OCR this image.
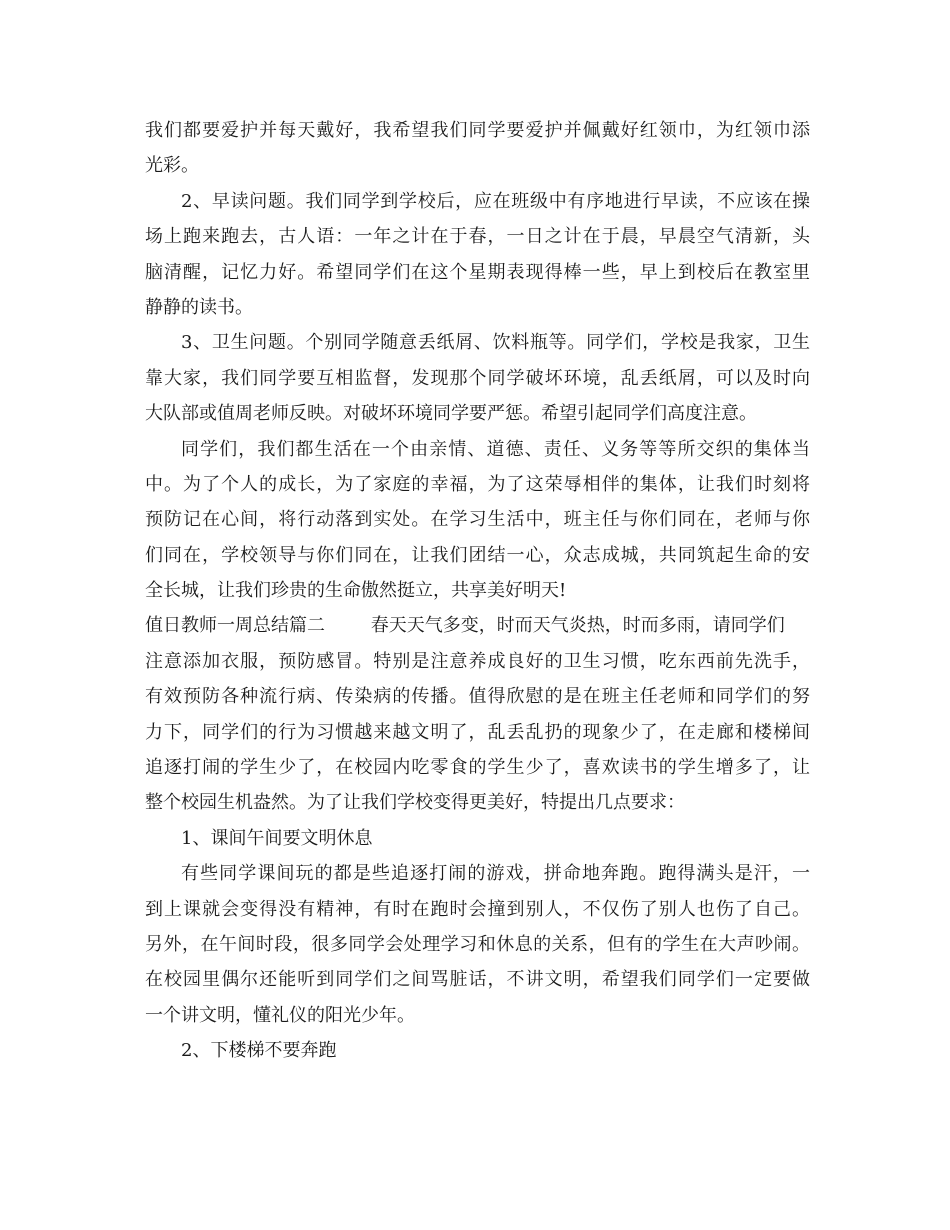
我们都要爱护并每天戴好，我希望我们同学要爱护并佩戴好红领巾，为红领巾添
光彩。
2、早读问题。我们同学到学校后，应在班级中有序地进行早读，不应该在操
场上跑来跑去，古人语：一年之计在于春，一日之计在于晨，早晨空气清新，头
脑清醒，记忆力好。希望同学们在这个星期表现得棒一些，早上到校后在教室里
静静的读书。
3、卫生问题。个别同学随意丢纸屑、饮料瓶等。同学们，学校是我家，卫生
靠大家，我们同学要互相监督，发现那个同学破坏环境，乱丢纸屑，可以及时向
大队部或值周老师反映。对破坏环境同学要严惩。希望引起同学们高度注意。
同学们，我们都生活在一个由亲情、道德、责任、义务等等所交织的集体当
中。为了个人的成长，为了家庭的幸福，为了这荣辱相伴的集体，让我们时刻将
预防记在心间，将行动落到实处。在学习生活中，班主任与你们同在，老师与你
们同在，学校领导与你们同在，让我们团结一心，众志成城，共同筑起生命的安
全长城，让我们珍贵的生命傲然挺立，共享美好明天!
值日教师一周总结篇二        春天天气多变，时而天气炎热，时而多雨，请同学们
注意添加衣服，预防感冒。特别是注意养成良好的卫生习惯，吃东西前先洗手，
有效预防各种流行病、传染病的传播。值得欣慰的是在班主任老师和同学们的努
力下，同学们的行为习惯越来越文明了，乱丢乱扔的现象少了，在走廊和楼梯间
追逐打闹的学生少了，在校园内吃零食的学生少了，喜欢读书的学生增多了，让
整个校园生机盎然。为了让我们学校变得更美好，特提出几点要求：
1、课间午间要文明休息
有些同学课间玩的都是些追逐打闹的游戏，拼命地奔跑。跑得满头是汗，一
到上课就会变得没有精神，有时在跑时会撞到别人，不仅伤了别人也伤了自己。
另外，在午间时段，很多同学会处理学习和休息的关系，但有的学生在大声吵闹。
在校园里偶尔还能听到同学们之间骂脏话，不讲文明，希望我们同学们一定要做
一个讲文明，懂礼仪的阳光少年。
2、下楼梯不要奔跑
